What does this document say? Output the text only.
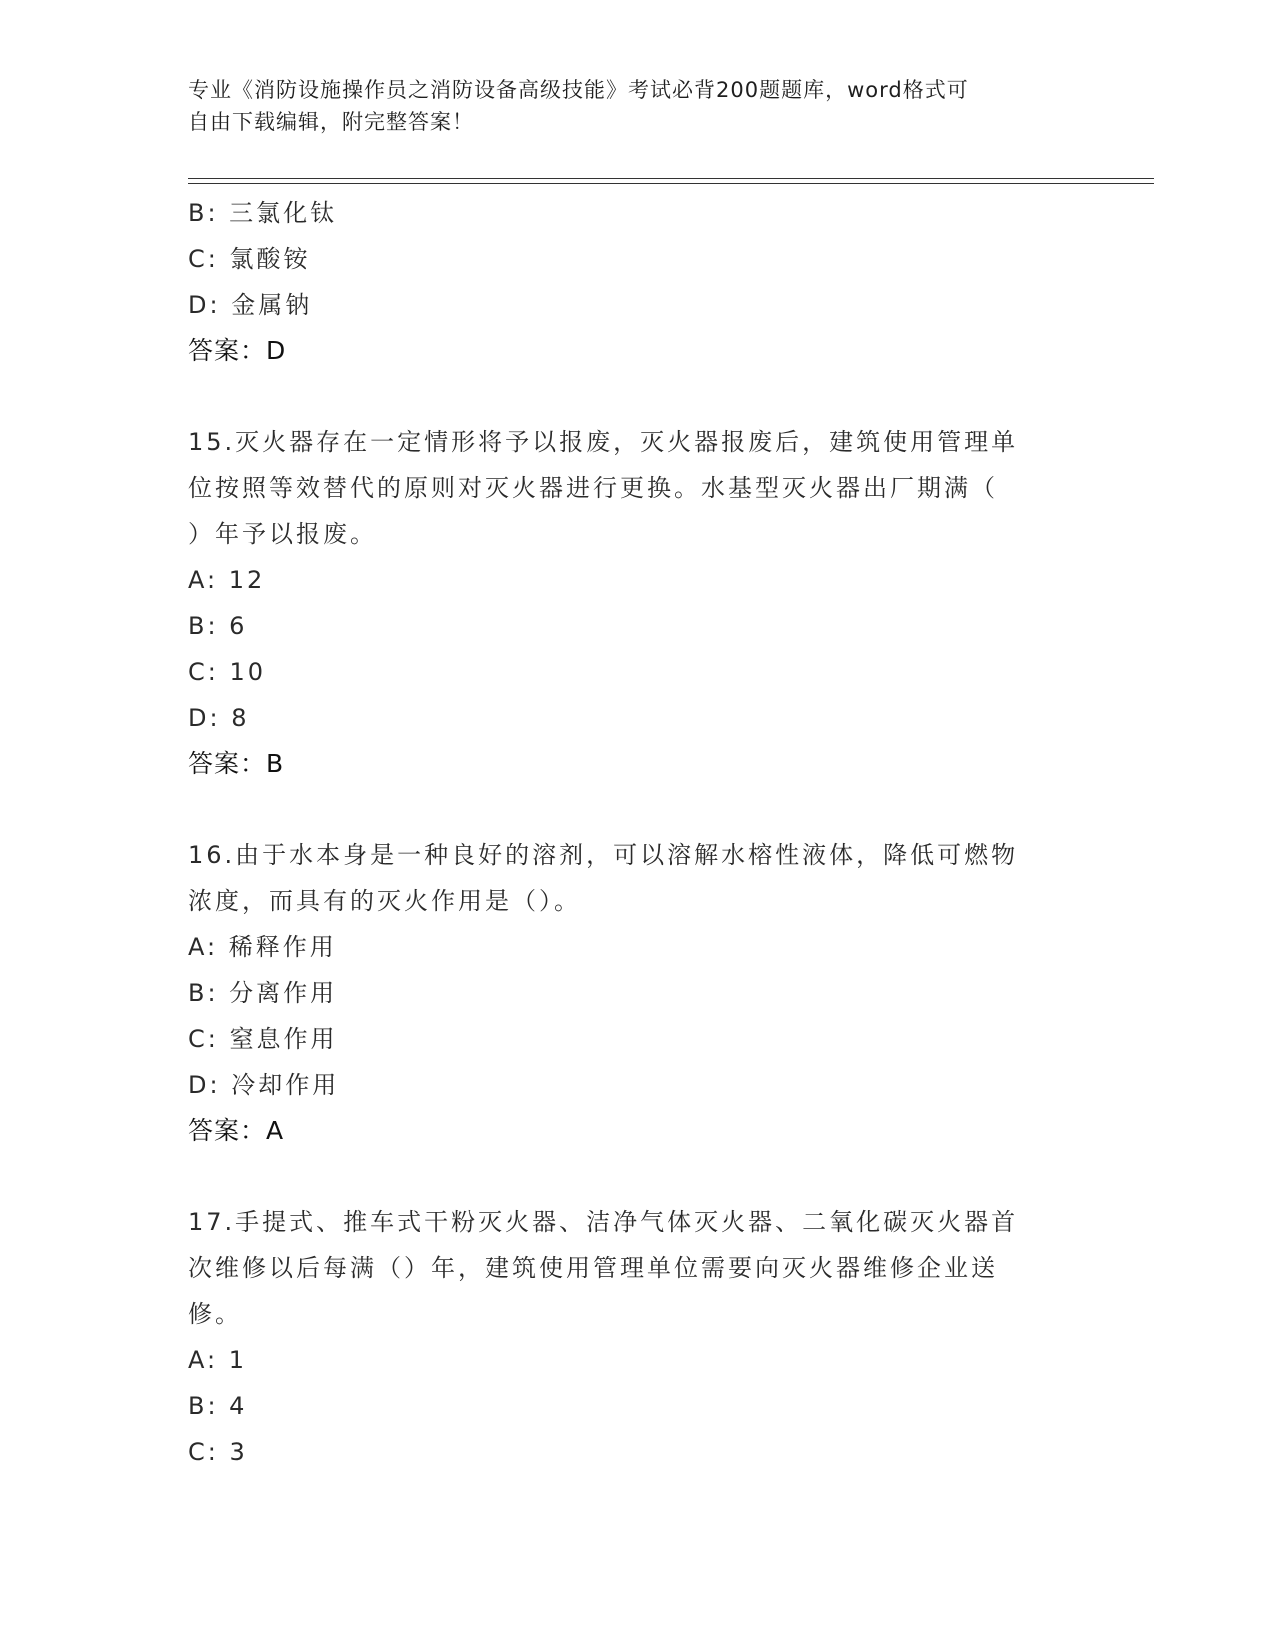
专业《消防设施操作员之消防设备高级技能》考试必背200题题库，word格式可
自由下载编辑，附完整答案！
B: 三氯化钛
C: 氯酸铵
D: 金属钠
答案：D
15.灭火器存在一定情形将予以报废，灭火器报废后，建筑使用管理单
位按照等效替代的原则对灭火器进行更换。水基型灭火器出厂期满（
）年予以报废。
A: 12
B: 6
C: 10
D: 8
答案：B
16.由于水本身是一种良好的溶剂，可以溶解水榕性液体，降低可燃物
浓度，而具有的灭火作用是（）。
A: 稀释作用
B: 分离作用
C: 窒息作用
D: 冷却作用
答案：A
17.手提式、推车式干粉灭火器、洁净气体灭火器、二氧化碳灭火器首
次维修以后每满（）年，建筑使用管理单位需要向灭火器维修企业送
修。
A: 1
B: 4
C: 3
